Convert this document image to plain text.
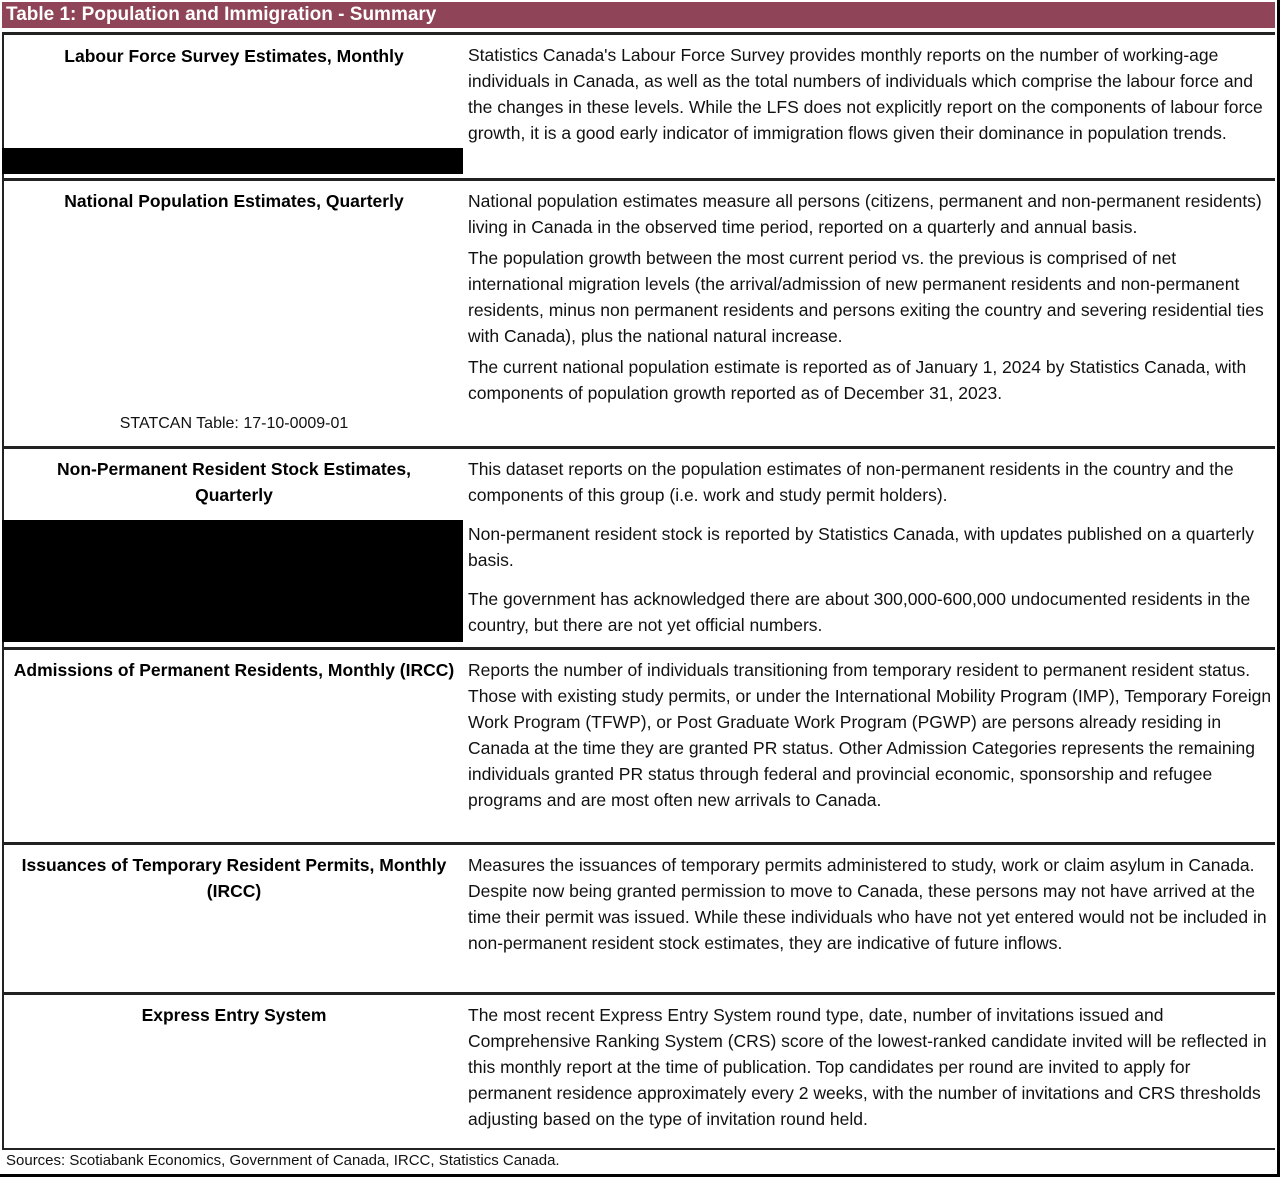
Table 1: Population and Immigration - Summary
Labour Force Survey Estimates, Monthly	Statistics Canada's Labour Force Survey provides monthly reports on the number of working-age individuals in Canada, as well as the total numbers of individuals which comprise the labour force and the changes in these levels. While the LFS does not explicitly report on the components of labour force growth, it is a good early indicator of immigration flows given their dominance in population trends.

National Population Estimates, Quarterly
STATCAN Table: 17-10-0009-01

National population estimates measure all persons (citizens, permanent and non-permanent residents) living in Canada in the observed time period, reported on a quarterly and annual basis.

The population growth between the most current period vs. the previous is comprised of net international migration levels (the arrival/admission of new permanent residents and non-permanent residents, minus non permanent residents and persons exiting the country and severing residential ties with Canada), plus the national natural increase.

The current national population estimate is reported as of January 1, 2024 by Statistics Canada, with components of population growth reported as of December 31, 2023.

Non-Permanent Resident Stock Estimates, Quarterly

This dataset reports on the population estimates of non-permanent residents in the country and the components of this group (i.e. work and study permit holders).

Non-permanent resident stock is reported by Statistics Canada, with updates published on a quarterly basis.

The government has acknowledged there are about 300,000-600,000 undocumented residents in the country, but there are not yet official numbers.

Admissions of Permanent Residents, Monthly (IRCC) Reports the number of individuals transitioning from temporary resident to permanent resident status. Those with existing study permits, or under the International Mobility Program (IMP), Temporary Foreign Work Program (TFWP), or Post Graduate Work Program (PGWP) are persons already residing in Canada at the time they are granted PR status. Other Admission Categories represents the remaining individuals granted PR status through federal and provincial economic, sponsorship and refugee programs and are most often new arrivals to Canada.

Issuances of Temporary Resident Permits, Monthly (IRCC)

Measures the issuances of temporary permits administered to study, work or claim asylum in Canada. Despite now being granted permission to move to Canada, these persons may not have arrived at the time their permit was issued. While these individuals who have not yet entered would not be included in non-permanent resident stock estimates, they are indicative of future inflows.

Express Entry System	The most recent Express Entry System round type, date, number of invitations issued and Comprehensive Ranking System (CRS) score of the lowest-ranked candidate invited will be reflected in this monthly report at the time of publication. Top candidates per round are invited to apply for permanent residence approximately every 2 weeks, with the number of invitations and CRS thresholds adjusting based on the type of invitation round held.

Sources: Scotiabank Economics, Government of Canada, IRCC, Statistics Canada.
